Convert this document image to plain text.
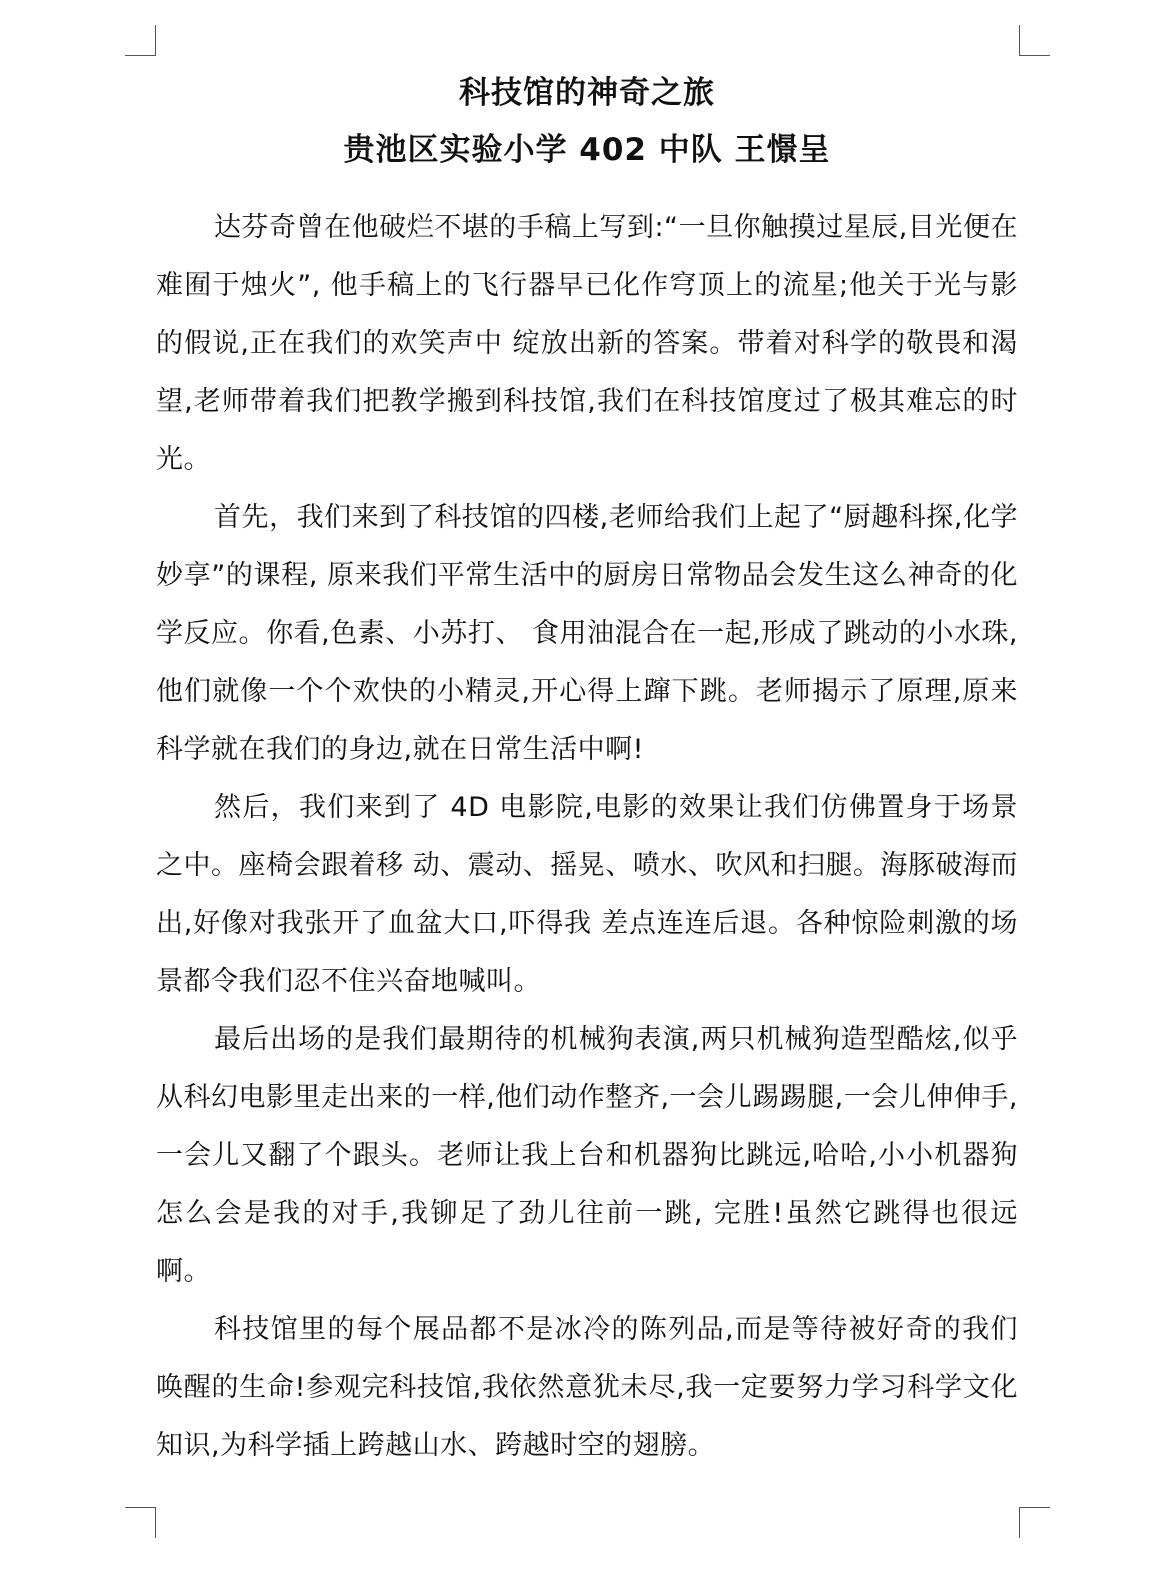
科技馆的神奇之旅
贵池区实验小学 402 中队 王憬呈

达芬奇曾在他破烂不堪的手稿上写到:“一旦你触摸过星辰,目光便在难囿于烛火”, 他手稿上的飞行器早已化作穹顶上的流星;他关于光与影的假说,正在我们的欢笑声中 绽放出新的答案。带着对科学的敬畏和渴望,老师带着我们把教学搬到科技馆,我们在科技馆度过了极其难忘的时光。

首先，我们来到了科技馆的四楼,老师给我们上起了“厨趣科探,化学妙享”的课程, 原来我们平常生活中的厨房日常物品会发生这么神奇的化学反应。你看,色素、小苏打、 食用油混合在一起,形成了跳动的小水珠,他们就像一个个欢快的小精灵,开心得上蹿下跳。老师揭示了原理,原来科学就在我们的身边,就在日常生活中啊!

然后，我们来到了 4D 电影院,电影的效果让我们仿佛置身于场景之中。座椅会跟着移 动、震动、摇晃、喷水、吹风和扫腿。海豚破海而出,好像对我张开了血盆大口,吓得我 差点连连后退。各种惊险刺激的场景都令我们忍不住兴奋地喊叫。

最后出场的是我们最期待的机械狗表演,两只机械狗造型酷炫,似乎从科幻电影里走出来的一样,他们动作整齐,一会儿踢踢腿,一会儿伸伸手,一会儿又翻了个跟头。老师让我上台和机器狗比跳远,哈哈,小小机器狗怎么会是我的对手,我铆足了劲儿往前一跳, 完胜!虽然它跳得也很远啊。

科技馆里的每个展品都不是冰冷的陈列品,而是等待被好奇的我们唤醒的生命!参观完科技馆,我依然意犹未尽,我一定要努力学习科学文化知识,为科学插上跨越山水、跨越时空的翅膀。
